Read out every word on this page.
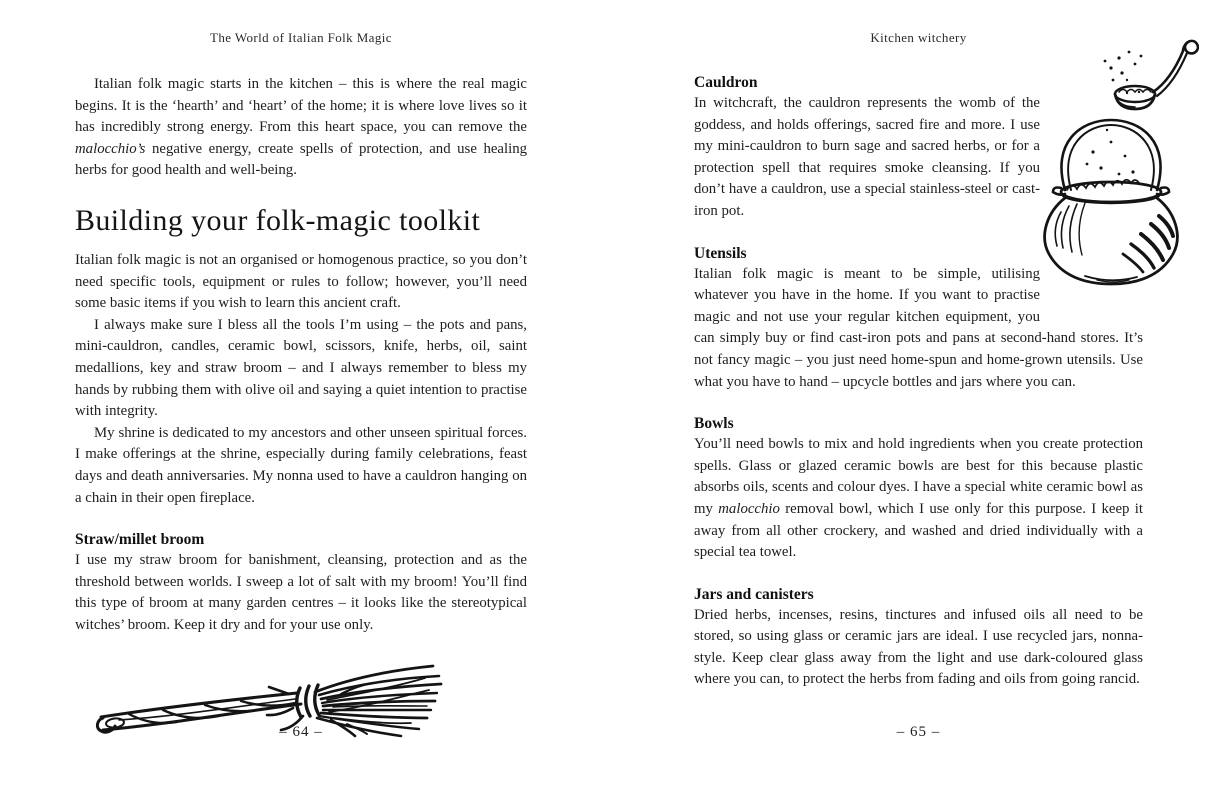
The World of Italian Folk Magic

Italian folk magic starts in the kitchen – this is where the real magic begins. It is the ‘hearth’ and ‘heart’ of the home; it is where love lives so it has incredibly strong energy. From this heart space, you can remove the malocchio’s negative energy, create spells of protection, and use healing herbs for good health and well-being.

Building your folk-magic toolkit

Italian folk magic is not an organised or homogenous practice, so you don’t need specific tools, equipment or rules to follow; however, you’ll need some basic items if you wish to learn this ancient craft.

I always make sure I bless all the tools I’m using – the pots and pans, mini-cauldron, candles, ceramic bowl, scissors, knife, herbs, oil, saint medallions, key and straw broom – and I always remember to bless my hands by rubbing them with olive oil and saying a quiet intention to practise with integrity.

My shrine is dedicated to my ancestors and other unseen spiritual forces. I make offerings at the shrine, especially during family celebrations, feast days and death anniversaries. My nonna used to have a cauldron hanging on a chain in their open fireplace.

Straw/millet broom

I use my straw broom for banishment, cleansing, protection and as the threshold between worlds. I sweep a lot of salt with my broom! You’ll find this type of broom at many garden centres – it looks like the stereotypical witches’ broom. Keep it dry and for your use only.

– 64 –
Kitchen witchery
Cauldron

In witchcraft, the cauldron represents the womb of the goddess, and holds offerings, sacred fire and more. I use my mini-cauldron to burn sage and sacred herbs, or for a protection spell that requires smoke cleansing. If you don’t have a cauldron, use a special stainless-steel or cast-iron pot.

Utensils

Italian folk magic is meant to be simple, utilising whatever you have in the home. If you want to practise magic and not use your regular kitchen equipment, you can simply buy or find cast-iron pots and pans at second-hand stores. It’s not fancy magic – you just need home-spun and home-grown utensils. Use what you have to hand – upcycle bottles and jars where you can.

Bowls

You’ll need bowls to mix and hold ingredients when you create protection spells. Glass or glazed ceramic bowls are best for this because plastic absorbs oils, scents and colour dyes. I have a special white ceramic bowl as my malocchio removal bowl, which I use only for this purpose. I keep it away from all other crockery, and washed and dried individually with a special tea towel.

Jars and canisters

Dried herbs, incenses, resins, tinctures and infused oils all need to be stored, so using glass or ceramic jars are ideal. I use recycled jars, nonna-style. Keep clear glass away from the light and use dark-coloured glass where you can, to protect the herbs from fading and oils from going rancid.

– 65 –
